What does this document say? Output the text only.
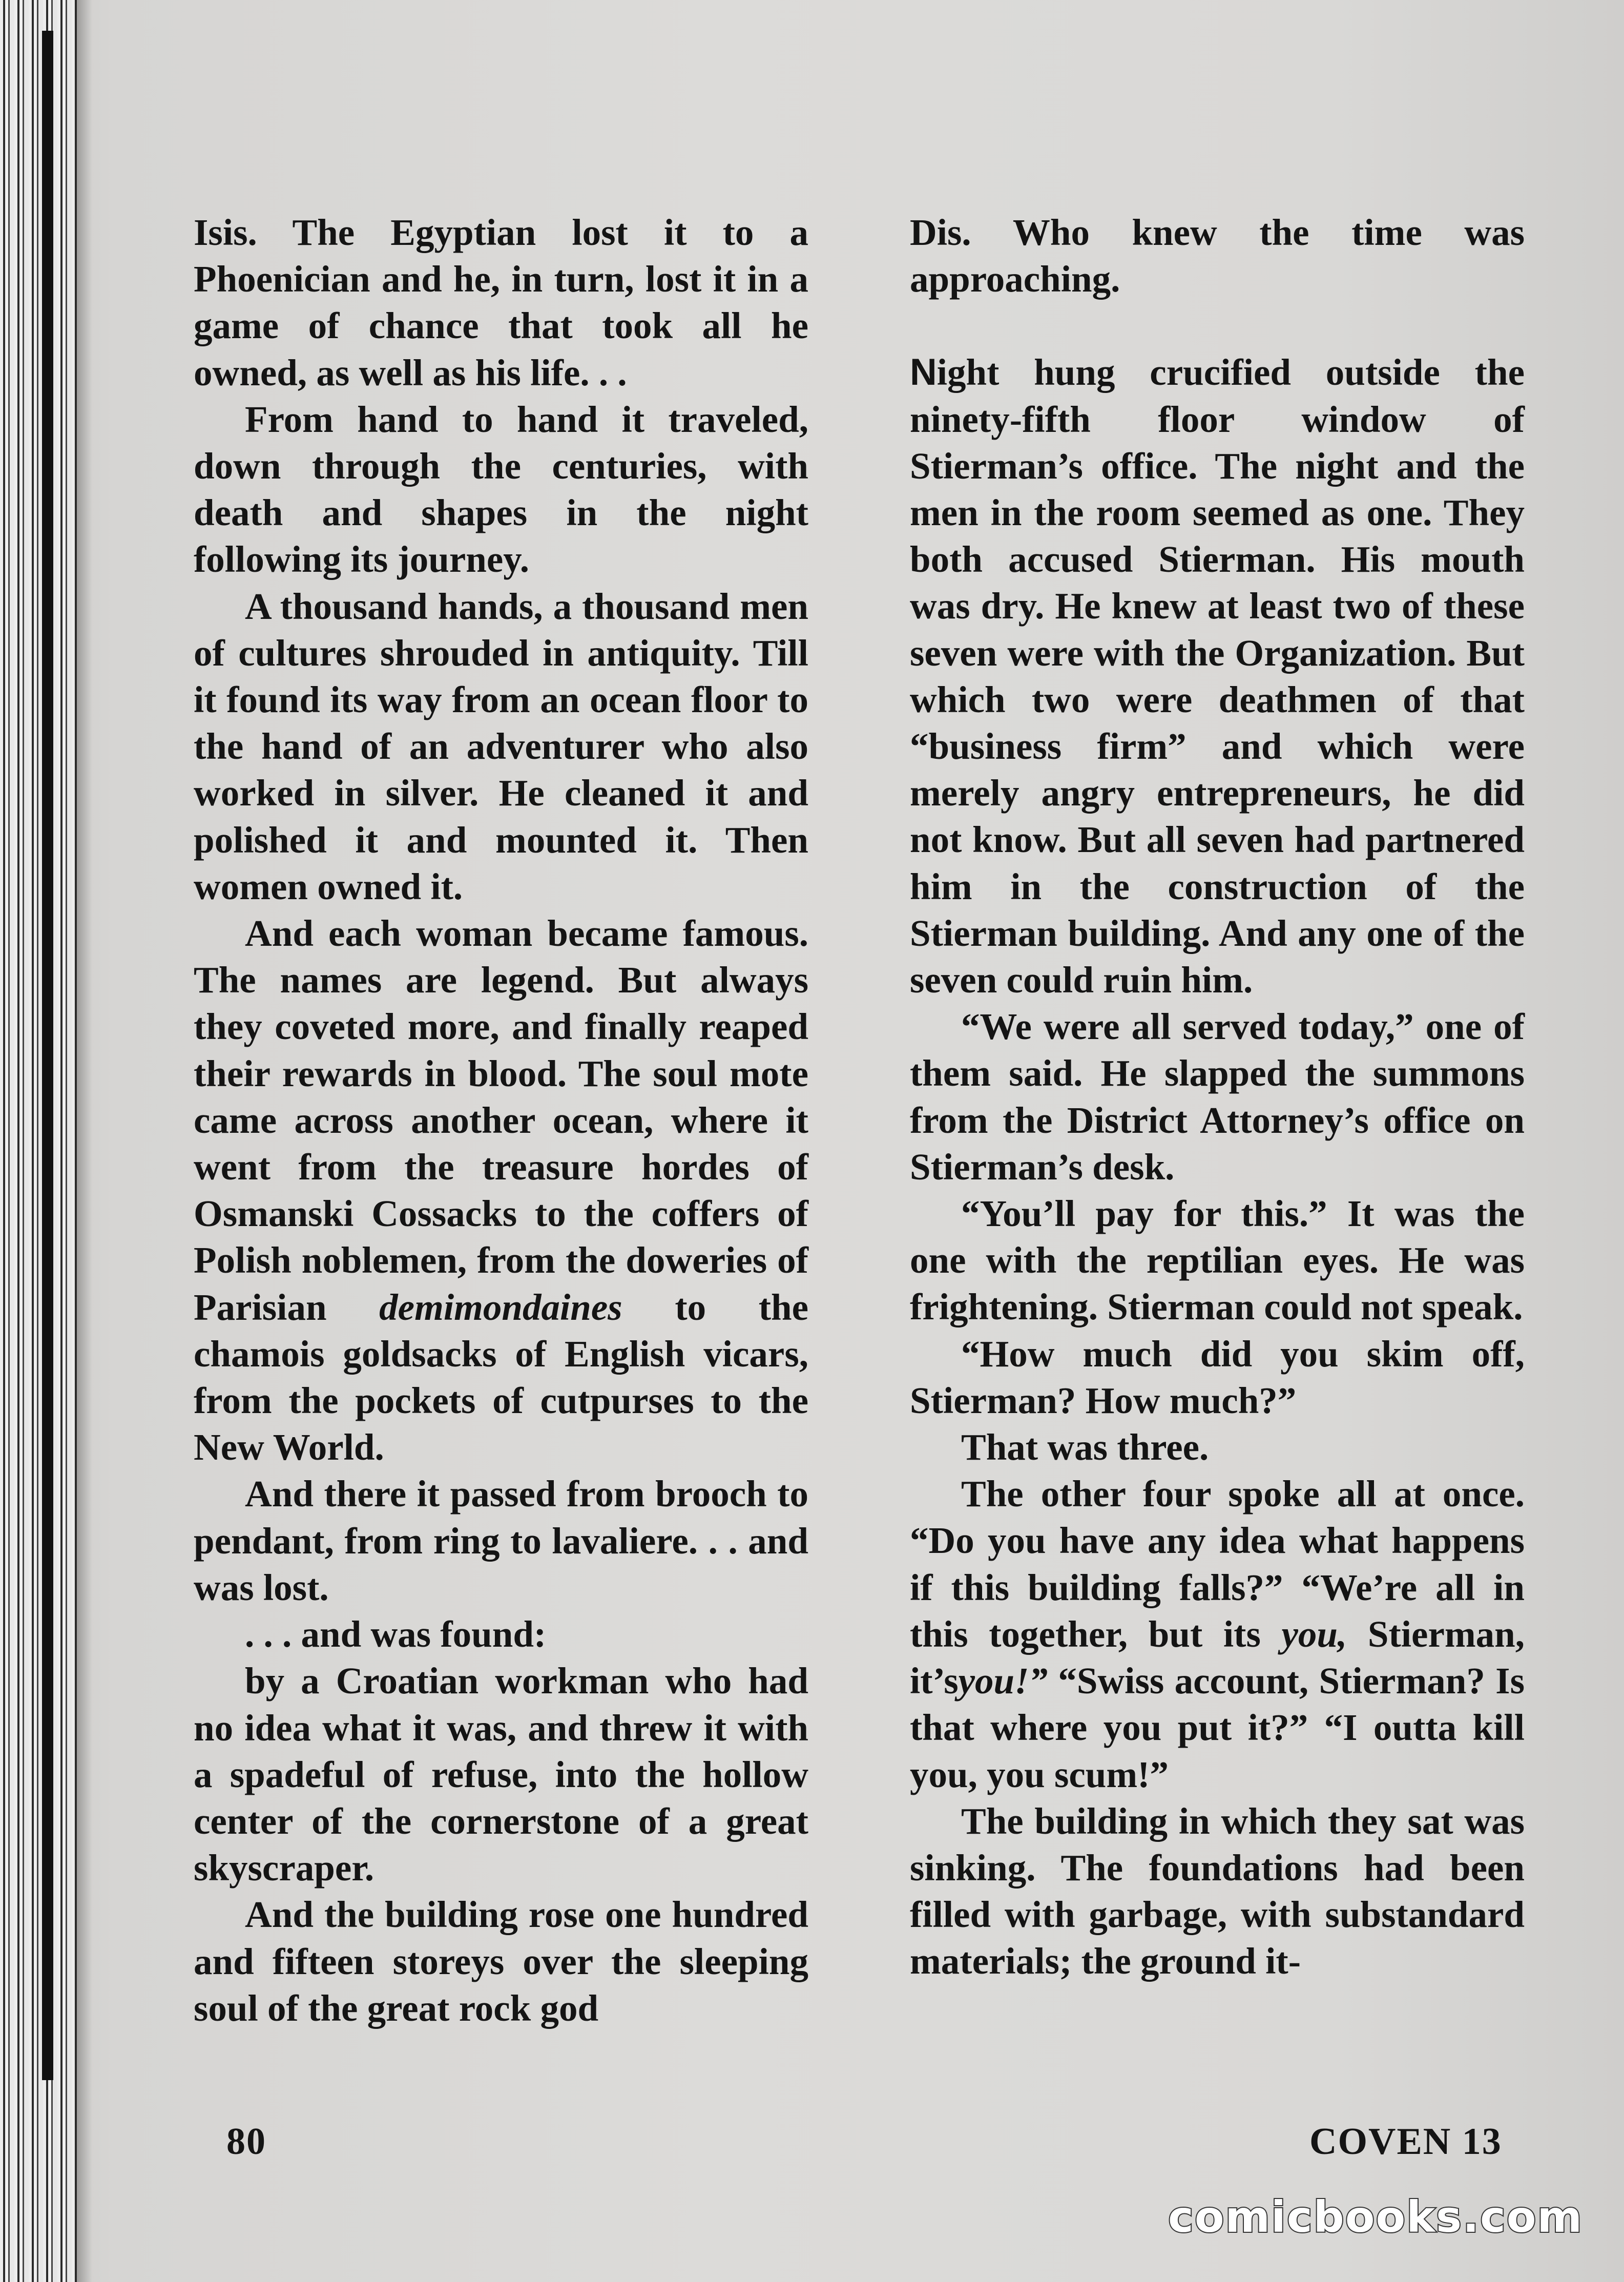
Isis. The Egyptian lost it to a Phoenician and he, in turn, lost it in a game of chance that took all he owned, as well as his life. . .

From hand to hand it traveled, down through the centuries, with death and shapes in the night following its journey.

A thousand hands, a thousand men of cultures shrouded in antiquity. Till it found its way from an ocean floor to the hand of an adventurer who also worked in silver. He cleaned it and polished it and mounted it. Then women owned it.

And each woman became famous. The names are legend. But always they coveted more, and finally reaped their rewards in blood. The soul mote came across another ocean, where it went from the treasure hordes of Osmanski Cossacks to the coffers of Polish noblemen, from the doweries of Parisian demimondaines to the chamois goldsacks of English vicars, from the pockets of cutpurses to the New World.

And there it passed from brooch to pendant, from ring to lavaliere. . . and was lost.

. . . and was found:

by a Croatian workman who had no idea what it was, and threw it with a spadeful of refuse, into the hollow center of the cornerstone of a great skyscraper.

And the building rose one hundred and fifteen storeys over the sleeping soul of the great rock god

Dis. Who knew the time was approaching.

Night hung crucified outside the ninety-fifth floor window of Stierman’s office. The night and the men in the room seemed as one. They both accused Stierman. His mouth was dry. He knew at least two of these seven were with the Organization. But which two were deathmen of that “business firm” and which were merely angry entrepreneurs, he did not know. But all seven had partnered him in the construction of the Stierman building. And any one of the seven could ruin him.

“We were all served today,” one of them said. He slapped the summons from the District Attorney’s office on Stierman’s desk.

“You’ll pay for this.” It was the one with the reptilian eyes. He was frightening. Stierman could not speak.

“How much did you skim off, Stierman? How much?”

That was three.

The other four spoke all at once. “Do you have any idea what happens if this building falls?” “We’re all in this together, but its you, Stierman, it’syou!” “Swiss account, Stierman? Is that where you put it?” “I outta kill you, you scum!”

The building in which they sat was sinking. The foundations had been filled with garbage, with substandard materials; the ground it-

80	COVEN 13
comicbooks.com
